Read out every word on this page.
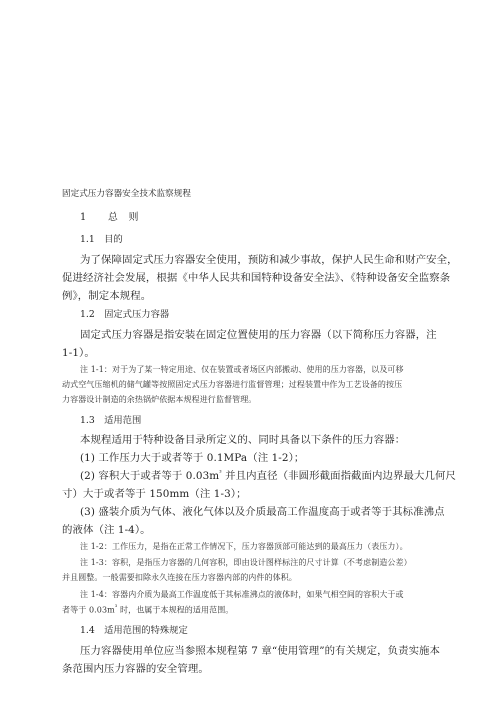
固定式压力容器安全技术监察规程
1 总　则
1.1　目的
为了保障固定式压力容器安全使用，预防和减少事故，保护人民生命和财产安全，
促进经济社会发展，根据《中华人民共和国特种设备安全法》、《特种设备安全监察条
例》，制定本规程。
1.2　固定式压力容器
固定式压力容器是指安装在固定位置使用的压力容器（以下简称压力容器，注
1-1）。
注 1-1：对于为了某一特定用途、仅在装置或者场区内部搬动、使用的压力容器，以及可移
动式空气压缩机的储气罐等按照固定式压力容器进行监督管理；过程装置中作为工艺设备的按压
力容器设计制造的余热锅炉依据本规程进行监督管理。
1.3　适用范围
本规程适用于特种设备目录所定义的、同时具备以下条件的压力容器：
(1) 工作压力大于或者等于 0.1MPa（注 1-2）；
(2) 容积大于或者等于 $0.03m^{^3}$ 并且内直径（非圆形截面指截面内边界最大几何尺
寸）大于或者等于 150mm（注 1-3）；
(3) 盛装介质为气体、液化气体以及介质最高工作温度高于或者等于其标准沸点
的液体（注 1-4）。
注 1-2：工作压力，是指在正常工作情况下，压力容器顶部可能达到的最高压力（表压力）。
注 1-3：容积，是指压力容器的几何容积，即由设计图样标注的尺寸计算（不考虑制造公差）
并且圆整。一般需要扣除永久连接在压力容器内部的内件的体积。
注 1-4：容器内介质为最高工作温度低于其标准沸点的液体时，如果气相空间的容积大于或
者等于 $0.03m^{^3}$ 时，也属于本规程的适用范围。
1.4　适用范围的特殊规定
压力容器使用单位应当参照本规程第 7 章“使用管理”的有关规定，负责实施本
条范围内压力容器的安全管理。
